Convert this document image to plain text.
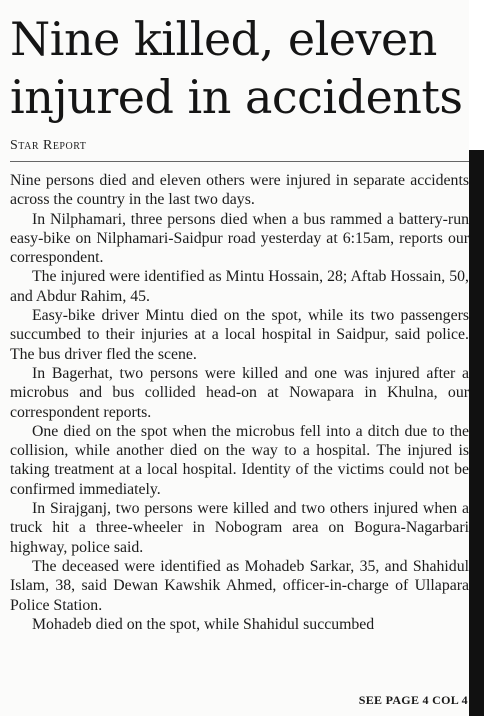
Nine killed, eleven injured in accidents
Star Report

Nine persons died and eleven others were injured in separate accidents across the country in the last two days.

In Nilphamari, three persons died when a bus rammed a battery-run easy-bike on Nilphamari-Saidpur road yesterday at 6:15am, reports our correspondent.

The injured were identified as Mintu Hossain, 28; Aftab Hossain, 50, and Abdur Rahim, 45.

Easy-bike driver Mintu died on the spot, while its two passengers succumbed to their injuries at a local hospital in Saidpur, said police. The bus driver fled the scene.

In Bagerhat, two persons were killed and one was injured after a microbus and bus collided head-on at Nowapara in Khulna, our correspondent reports.

One died on the spot when the microbus fell into a ditch due to the collision, while another died on the way to a hospital. The injured is taking treatment at a local hospital. Identity of the victims could not be confirmed immediately.

In Sirajganj, two persons were killed and two others injured when a truck hit a three-wheeler in Nobogram area on Bogura-Nagarbari highway, police said.

The deceased were identified as Mohadeb Sarkar, 35, and Shahidul Islam, 38, said Dewan Kawshik Ahmed, officer-in-charge of Ullapara Police Station.

Mohadeb died on the spot, while Shahidul succumbed

SEE PAGE 4 COL 4
